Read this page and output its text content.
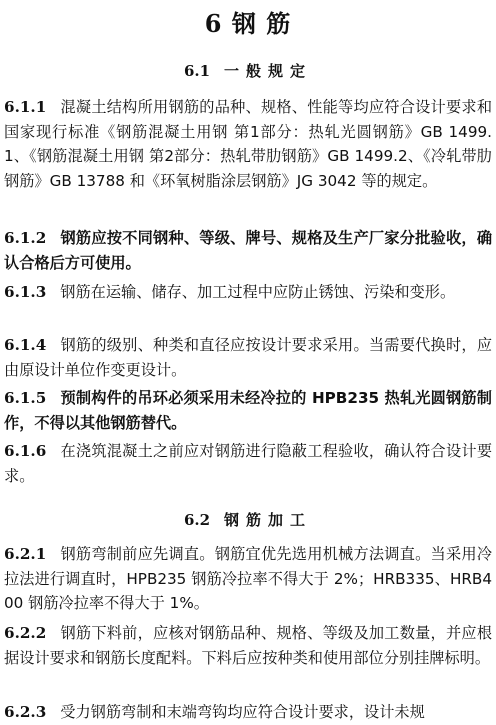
6 钢 筋
6.1 一般规定
6.1.1 混凝土结构所用钢筋的品种、规格、性能等均应符合设计要求和国家现行标准《钢筋混凝土用钢 第1部分：热轧光圆钢筋》GB 1499.1、《钢筋混凝土用钢 第2部分：热轧带肋钢筋》GB 1499.2、《冷轧带肋钢筋》GB 13788 和《环氧树脂涂层钢筋》JG 3042 等的规定。
6.1.2 钢筋应按不同钢种、等级、牌号、规格及生产厂家分批验收，确认合格后方可使用。
6.1.3 钢筋在运输、储存、加工过程中应防止锈蚀、污染和变形。
6.1.4 钢筋的级别、种类和直径应按设计要求采用。当需要代换时，应由原设计单位作变更设计。
6.1.5 预制构件的吊环必须采用未经冷拉的 HPB235 热轧光圆钢筋制作，不得以其他钢筋替代。
6.1.6 在浇筑混凝土之前应对钢筋进行隐蔽工程验收，确认符合设计要求。
6.2 钢筋加工
6.2.1 钢筋弯制前应先调直。钢筋宜优先选用机械方法调直。当采用冷拉法进行调直时，HPB235 钢筋冷拉率不得大于 2%；HRB335、HRB400 钢筋冷拉率不得大于 1%。
6.2.2 钢筋下料前，应核对钢筋品种、规格、等级及加工数量，并应根据设计要求和钢筋长度配料。下料后应按种类和使用部位分别挂牌标明。
6.2.3 受力钢筋弯制和末端弯钩均应符合设计要求，设计未规
